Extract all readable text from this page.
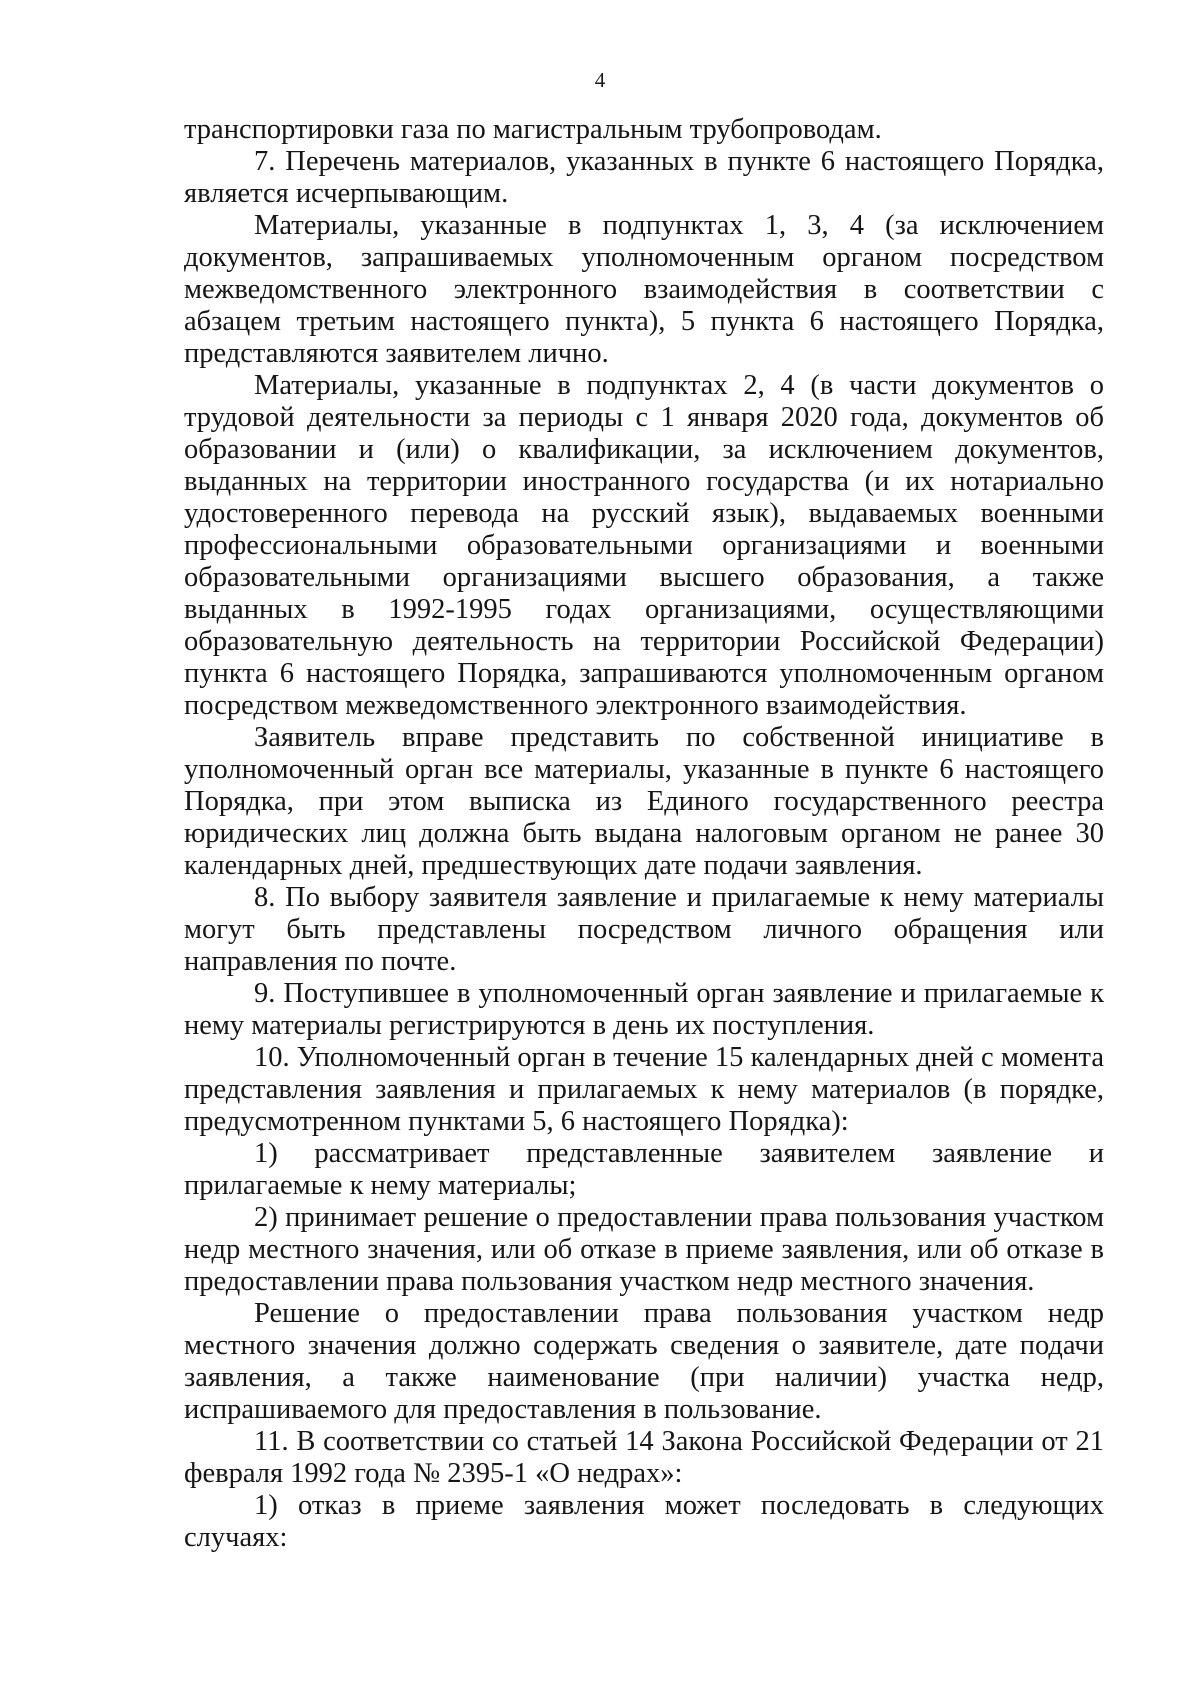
4

транспортировки газа по магистральным трубопроводам.

7. Перечень материалов, указанных в пункте 6 настоящего Порядка, является исчерпывающим.

Материалы, указанные в подпунктах 1, 3, 4 (за исключением документов, запрашиваемых уполномоченным органом посредством межведомственного электронного взаимодействия в соответствии с абзацем третьим настоящего пункта), 5 пункта 6 настоящего Порядка, представляются заявителем лично.

Материалы, указанные в подпунктах 2, 4 (в части документов о трудовой деятельности за периоды с 1 января 2020 года, документов об образовании и (или) о квалификации, за исключением документов, выданных на территории иностранного государства (и их нотариально удостоверенного перевода на русский язык), выдаваемых военными профессиональными образовательными организациями и военными образовательными организациями высшего образования, а также выданных в 1992-1995 годах организациями, осуществляющими образовательную деятельность на территории Российской Федерации) пункта 6 настоящего Порядка, запрашиваются уполномоченным органом посредством межведомственного электронного взаимодействия.

Заявитель вправе представить по собственной инициативе в уполномоченный орган все материалы, указанные в пункте 6 настоящего Порядка, при этом выписка из Единого государственного реестра юридических лиц должна быть выдана налоговым органом не ранее 30 календарных дней, предшествующих дате подачи заявления.

8. По выбору заявителя заявление и прилагаемые к нему материалы могут быть представлены посредством личного обращения или направления по почте.

9. Поступившее в уполномоченный орган заявление и прилагаемые к нему материалы регистрируются в день их поступления.

10. Уполномоченный орган в течение 15 календарных дней с момента представления заявления и прилагаемых к нему материалов (в порядке, предусмотренном пунктами 5, 6 настоящего Порядка):

1) рассматривает представленные заявителем заявление и прилагаемые к нему материалы;

2) принимает решение о предоставлении права пользования участком недр местного значения, или об отказе в приеме заявления, или об отказе в предоставлении права пользования участком недр местного значения.

Решение о предоставлении права пользования участком недр местного значения должно содержать сведения о заявителе, дате подачи заявления, а также наименование (при наличии) участка недр, испрашиваемого для предоставления в пользование.

11. В соответствии со статьей 14 Закона Российской Федерации от 21 февраля 1992 года № 2395-1 «О недрах»:

1) отказ в приеме заявления может последовать в следующих случаях:
